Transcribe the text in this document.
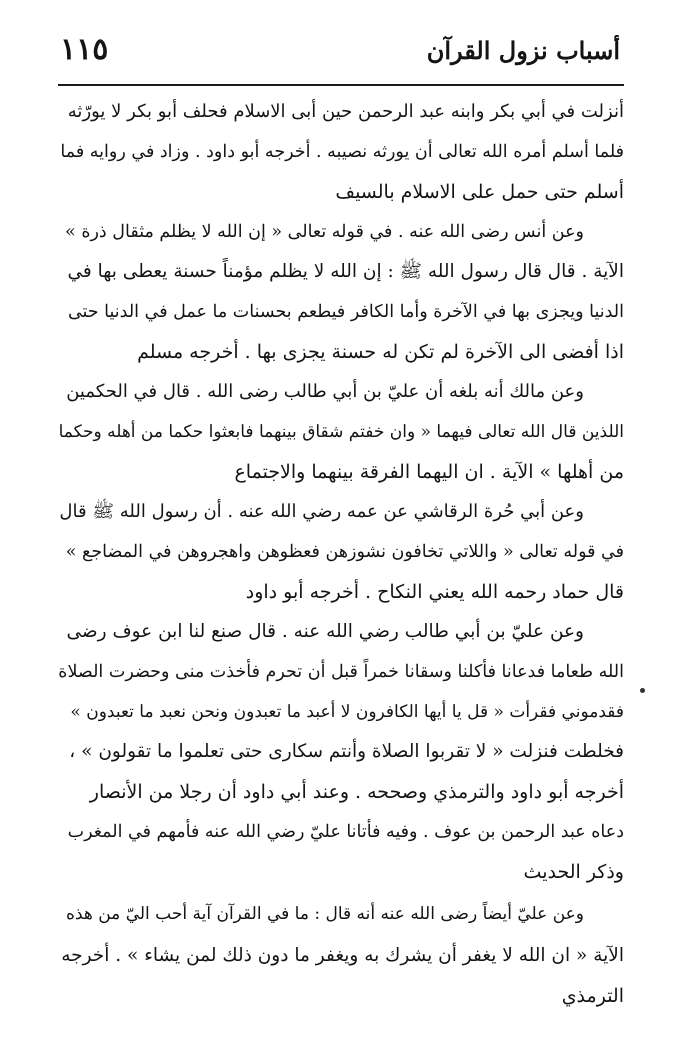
أسباب نزول القرآن
١١٥
أنزلت في أبي بكر وابنه عبد الرحمن حين أبى الاسلام فحلف أبو بكر لا يورّثه
فلما أسلم أمره الله تعالى أن يورثه نصيبه . أخرجه أبو داود . وزاد في روايه فما
أسلم حتى حمل على الاسلام بالسيف
وعن أنس رضى الله عنه . في قوله تعالى « إن الله لا يظلم مثقال ذرة »
الآية . قال قال رسول الله ﷺ : إن الله لا يظلم مؤمناً حسنة يعطى بها في
الدنيا ويجزى بها في الآخرة وأما الكافر فيطعم بحسنات ما عمل في الدنيا حتى
اذا أفضى الى الآخرة لم تكن له حسنة يجزى بها . أخرجه مسلم
وعن مالك أنه بلغه أن عليّ بن أبي طالب رضى الله . قال في الحكمين
اللذين قال الله تعالى فيهما « وان خفتم شقاق بينهما فابعثوا حكما من أهله وحكما
من أهلها » الآية . ان اليهما الفرقة بينهما والاجتماع
وعن أبي حُرة الرقاشي عن عمه رضي الله عنه . أن رسول الله ﷺ قال
في قوله تعالى « واللاتي تخافون نشوزهن فعظوهن واهجروهن في المضاجع »
قال حماد رحمه الله يعني النكاح . أخرجه أبو داود
وعن عليّ بن أبي طالب رضي الله عنه . قال صنع لنا ابن عوف رضى
الله طعاما فدعانا فأكلنا وسقانا خمراً قبل أن تحرم فأخذت منى وحضرت الصلاة
فقدموني فقرأت « قل يا أيها الكافرون لا أعبد ما تعبدون ونحن نعبد ما تعبدون »
فخلطت فنزلت « لا تقربوا الصلاة وأنتم سكارى حتى تعلموا ما تقولون » ،
أخرجه أبو داود والترمذي وصححه . وعند أبي داود أن رجلا من الأنصار
دعاه عبد الرحمن بن عوف . وفيه فأتانا عليّ رضي الله عنه فأمهم في المغرب
وذكر الحديث
وعن عليّ أيضاً رضى الله عنه أنه قال : ما في القرآن آية أحب اليّ من هذه
الآية « ان الله لا يغفر أن يشرك به ويغفر ما دون ذلك لمن يشاء » . أخرجه
الترمذي
